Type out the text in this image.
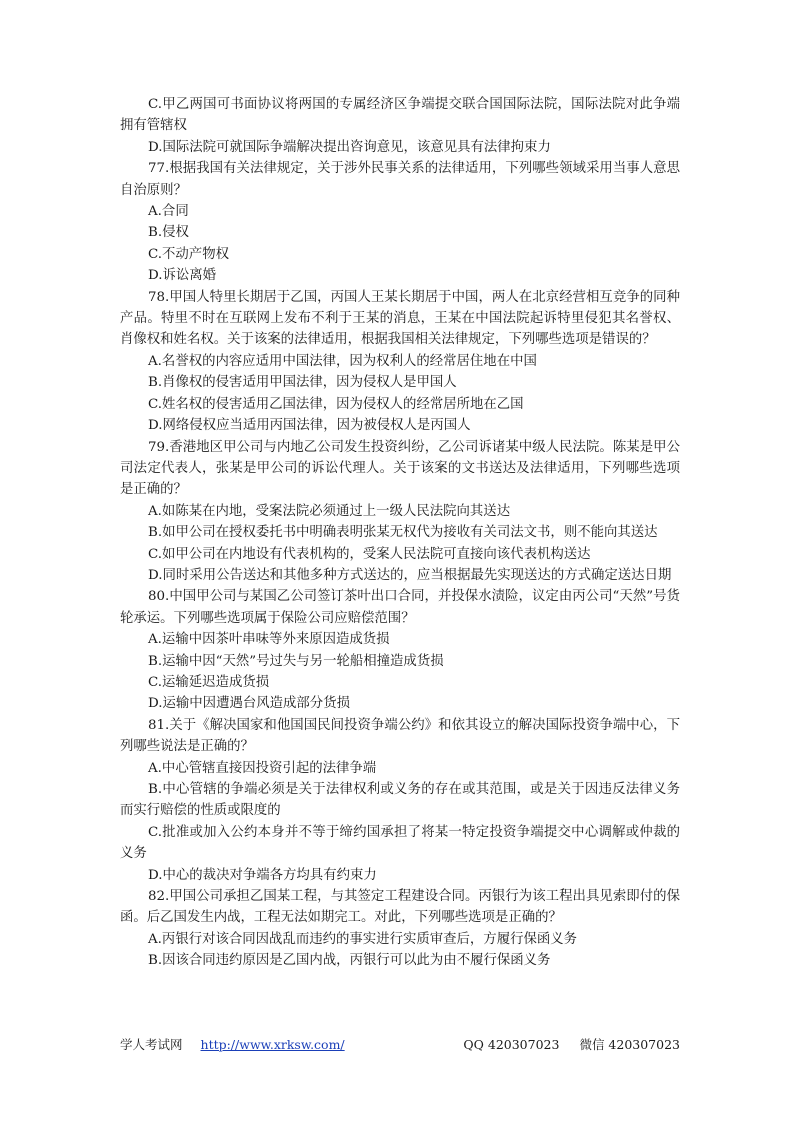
C.甲乙两国可书面协议将两国的专属经济区争端提交联合国国际法院，国际法院对此争端拥有管辖权

D.国际法院可就国际争端解决提出咨询意见，该意见具有法律拘束力

77.根据我国有关法律规定，关于涉外民事关系的法律适用，下列哪些领域采用当事人意思自治原则？

A.合同

B.侵权

C.不动产物权

D.诉讼离婚

78.甲国人特里长期居于乙国，丙国人王某长期居于中国，两人在北京经营相互竞争的同种产品。特里不时在互联网上发布不利于王某的消息，王某在中国法院起诉特里侵犯其名誉权、肖像权和姓名权。关于该案的法律适用，根据我国相关法律规定，下列哪些选项是错误的？

A.名誉权的内容应适用中国法律，因为权利人的经常居住地在中国

B.肖像权的侵害适用甲国法律，因为侵权人是甲国人

C.姓名权的侵害适用乙国法律，因为侵权人的经常居所地在乙国

D.网络侵权应当适用丙国法律，因为被侵权人是丙国人

79.香港地区甲公司与内地乙公司发生投资纠纷，乙公司诉诸某中级人民法院。陈某是甲公司法定代表人，张某是甲公司的诉讼代理人。关于该案的文书送达及法律适用，下列哪些选项是正确的？

A.如陈某在内地，受案法院必须通过上一级人民法院向其送达

B.如甲公司在授权委托书中明确表明张某无权代为接收有关司法文书，则不能向其送达

C.如甲公司在内地设有代表机构的，受案人民法院可直接向该代表机构送达

D.同时采用公告送达和其他多种方式送达的，应当根据最先实现送达的方式确定送达日期

80.中国甲公司与某国乙公司签订茶叶出口合同，并投保水渍险，议定由丙公司“天然”号货轮承运。下列哪些选项属于保险公司应赔偿范围？

A.运输中因茶叶串味等外来原因造成货损

B.运输中因“天然”号过失与另一轮船相撞造成货损

C.运输延迟造成货损

D.运输中因遭遇台风造成部分货损

81.关于《解决国家和他国国民间投资争端公约》和依其设立的解决国际投资争端中心，下列哪些说法是正确的？

A.中心管辖直接因投资引起的法律争端

B.中心管辖的争端必须是关于法律权利或义务的存在或其范围，或是关于因违反法律义务而实行赔偿的性质或限度的

C.批准或加入公约本身并不等于缔约国承担了将某一特定投资争端提交中心调解或仲裁的义务

D.中心的裁决对争端各方均具有约束力

82.甲国公司承担乙国某工程，与其签定工程建设合同。丙银行为该工程出具见索即付的保函。后乙国发生内战，工程无法如期完工。对此，下列哪些选项是正确的？

A.丙银行对该合同因战乱而违约的事实进行实质审查后，方履行保函义务

B.因该合同违约原因是乙国内战，丙银行可以此为由不履行保函义务

学人考试网 http://www.xrksw.com/	QQ 420307023 微信 420307023
